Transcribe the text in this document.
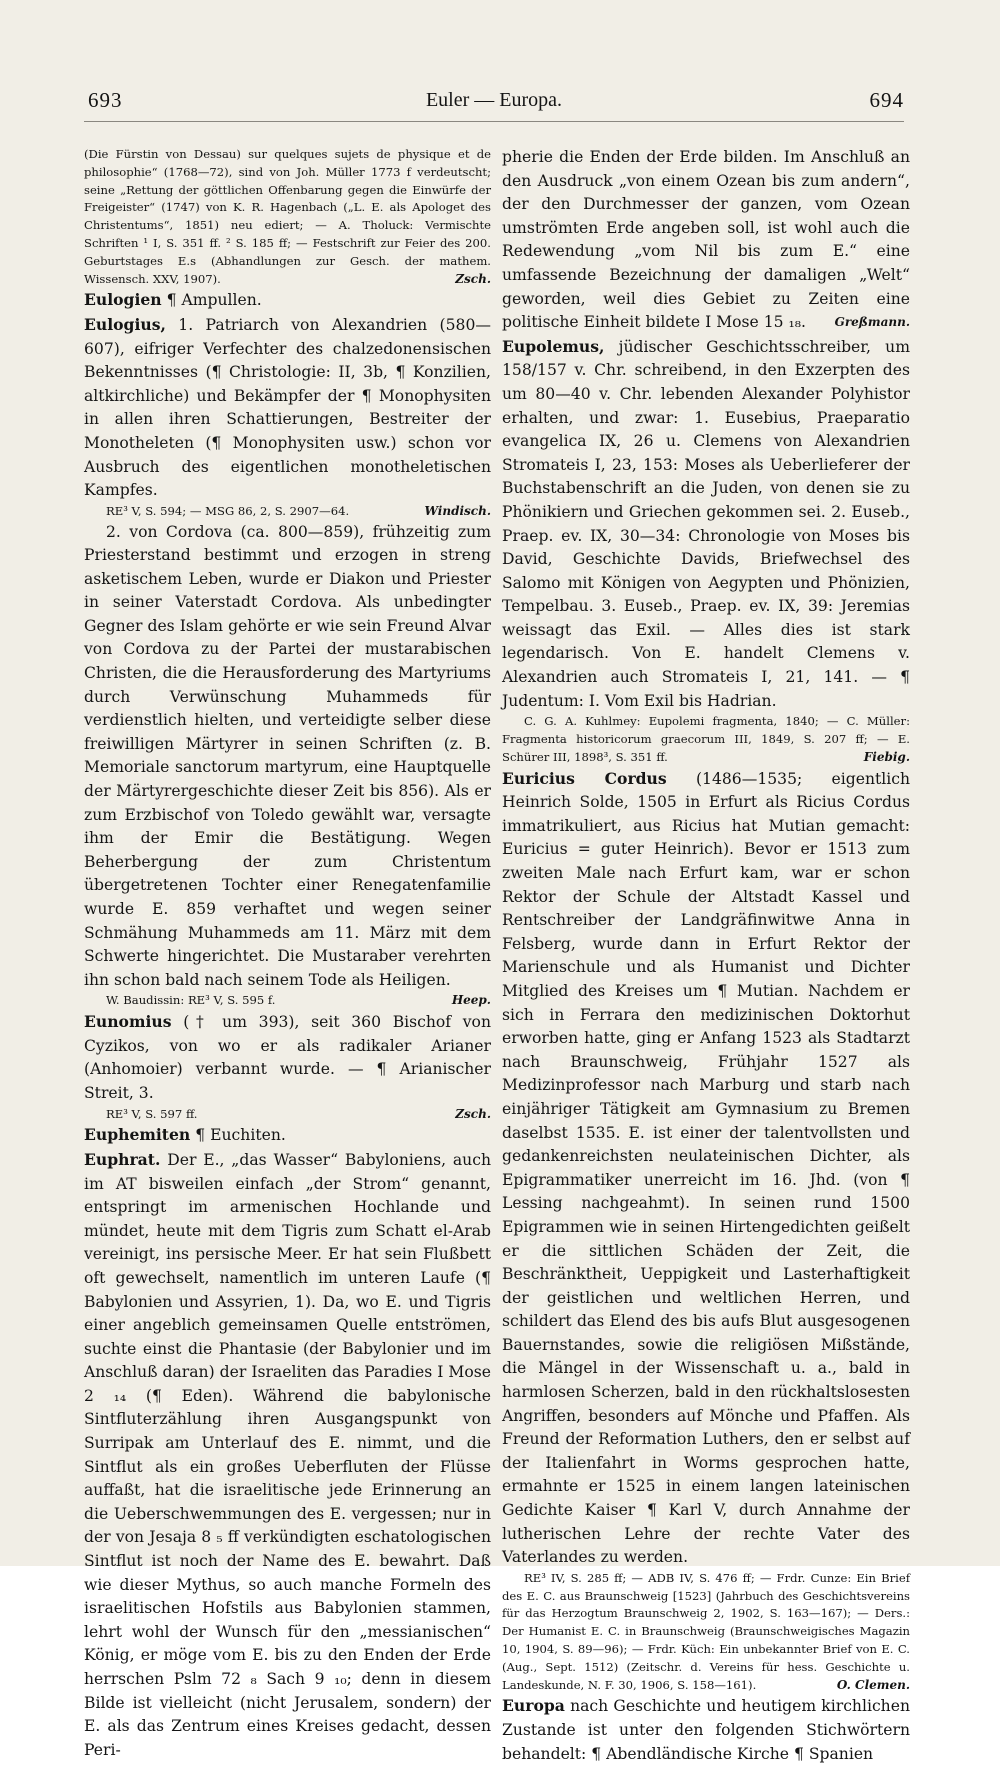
693	Euler — Europa.	694

(Die Fürstin von Dessau) sur quelques sujets de physique et de philosophie“ (1768—72), sind von Joh. Müller 1773 f verdeutscht; seine „Rettung der göttlichen Offenbarung gegen die Einwürfe der Freigeister“ (1747) von K. R. Hagenbach („L. E. als Apologet des Christentums“, 1851) neu ediert; — A. Tholuck: Vermischte Schriften ¹ I, S. 351 ff. ² S. 185 ff; — Festschrift zur Feier des 200. Geburtstages E.s (Abhandlungen zur Gesch. der mathem. Wissensch. XXV, 1907).	Zsch.

Eulogien ¶ Ampullen.

Eulogius, 1. Patriarch von Alexandrien (580—607), eifriger Verfechter des chalzedonensischen Bekenntnisses (¶ Christologie: II, 3b, ¶ Konzilien, altkirchliche) und Bekämpfer der ¶ Monophysiten in allen ihren Schattierungen, Bestreiter der Monotheleten (¶ Monophysiten usw.) schon vor Ausbruch des eigentlichen monotheletischen Kampfes.

RE³ V, S. 594; — MSG 86, 2, S. 2907—64.	Windisch.

2. von Cordova (ca. 800—859), frühzeitig zum Priesterstand bestimmt und erzogen in streng asketischem Leben, wurde er Diakon und Priester in seiner Vaterstadt Cordova. Als unbedingter Gegner des Islam gehörte er wie sein Freund Alvar von Cordova zu der Partei der mustarabischen Christen, die die Herausforderung des Martyriums durch Verwünschung Muhammeds für verdienstlich hielten, und verteidigte selber diese freiwilligen Märtyrer in seinen Schriften (z. B. Memoriale sanctorum martyrum, eine Hauptquelle der Märtyrergeschichte dieser Zeit bis 856). Als er zum Erzbischof von Toledo gewählt war, versagte ihm der Emir die Bestätigung. Wegen Beherbergung der zum Christentum übergetretenen Tochter einer Renegatenfamilie wurde E. 859 verhaftet und wegen seiner Schmähung Muhammeds am 11. März mit dem Schwerte hingerichtet. Die Mustaraber verehrten ihn schon bald nach seinem Tode als Heiligen.

W. Baudissin: RE³ V, S. 595 f.	Heep.

Eunomius († um 393), seit 360 Bischof von Cyzikos, von wo er als radikaler Arianer (Anhomoier) verbannt wurde. — ¶ Arianischer Streit, 3.

RE³ V, S. 597 ff.	Zsch.

Euphemiten ¶ Euchiten.

Euphrat. Der E., „das Wasser“ Babyloniens, auch im AT bisweilen einfach „der Strom“ genannt, entspringt im armenischen Hochlande und mündet, heute mit dem Tigris zum Schatt el-Arab vereinigt, ins persische Meer. Er hat sein Flußbett oft gewechselt, namentlich im unteren Laufe (¶ Babylonien und Assyrien, 1). Da, wo E. und Tigris einer angeblich gemeinsamen Quelle entströmen, suchte einst die Phantasie (der Babylonier und im Anschluß daran) der Israeliten das Paradies I Mose 2 ₁₄ (¶ Eden). Während die babylonische Sintfluterzählung ihren Ausgangspunkt von Surripak am Unterlauf des E. nimmt, und die Sintflut als ein großes Ueberfluten der Flüsse auffaßt, hat die israelitische jede Erinnerung an die Ueberschwemmungen des E. vergessen; nur in der von Jesaja 8 ₅ ff verkündigten eschatologischen Sintflut ist noch der Name des E. bewahrt. Daß wie dieser Mythus, so auch manche Formeln des israelitischen Hofstils aus Babylonien stammen, lehrt wohl der Wunsch für den „messianischen“ König, er möge vom E. bis zu den Enden der Erde herrschen Pslm 72 ₈ Sach 9 ₁₀; denn in diesem Bilde ist vielleicht (nicht Jerusalem, sondern) der E. als das Zentrum eines Kreises gedacht, dessen Peri-

pherie die Enden der Erde bilden. Im Anschluß an den Ausdruck „von einem Ozean bis zum andern“, der den Durchmesser der ganzen, vom Ozean umströmten Erde angeben soll, ist wohl auch die Redewendung „vom Nil bis zum E.“ eine umfassende Bezeichnung der damaligen „Welt“ geworden, weil dies Gebiet zu Zeiten eine politische Einheit bildete I Mose 15 ₁₈. Greßmann.

Eupolemus, jüdischer Geschichtsschreiber, um 158/157 v. Chr. schreibend, in den Exzerpten des um 80—40 v. Chr. lebenden Alexander Polyhistor erhalten, und zwar: 1. Eusebius, Praeparatio evangelica IX, 26 u. Clemens von Alexandrien Stromateis I, 23, 153: Moses als Ueberlieferer der Buchstabenschrift an die Juden, von denen sie zu Phönikiern und Griechen gekommen sei. 2. Euseb., Praep. ev. IX, 30—34: Chronologie von Moses bis David, Geschichte Davids, Briefwechsel des Salomo mit Königen von Aegypten und Phönizien, Tempelbau. 3. Euseb., Praep. ev. IX, 39: Jeremias weissagt das Exil. — Alles dies ist stark legendarisch. Von E. handelt Clemens v. Alexandrien auch Stromateis I, 21, 141. — ¶ Judentum: I. Vom Exil bis Hadrian.

C. G. A. Kuhlmey: Eupolemi fragmenta, 1840; — C. Müller: Fragmenta historicorum graecorum III, 1849, S. 207 ff; — E. Schürer III, 1898³, S. 351 ff.	Fiebig.

Euricius Cordus (1486—1535; eigentlich Heinrich Solde, 1505 in Erfurt als Ricius Cordus immatrikuliert, aus Ricius hat Mutian gemacht: Euricius = guter Heinrich). Bevor er 1513 zum zweiten Male nach Erfurt kam, war er schon Rektor der Schule der Altstadt Kassel und Rentschreiber der Landgräfinwitwe Anna in Felsberg, wurde dann in Erfurt Rektor der Marienschule und als Humanist und Dichter Mitglied des Kreises um ¶ Mutian. Nachdem er sich in Ferrara den medizinischen Doktorhut erworben hatte, ging er Anfang 1523 als Stadtarzt nach Braunschweig, Frühjahr 1527 als Medizinprofessor nach Marburg und starb nach einjähriger Tätigkeit am Gymnasium zu Bremen daselbst 1535. E. ist einer der talentvollsten und gedankenreichsten neulateinischen Dichter, als Epigrammatiker unerreicht im 16. Jhd. (von ¶ Lessing nachgeahmt). In seinen rund 1500 Epigrammen wie in seinen Hirtengedichten geißelt er die sittlichen Schäden der Zeit, die Beschränktheit, Ueppigkeit und Lasterhaftigkeit der geistlichen und weltlichen Herren, und schildert das Elend des bis aufs Blut ausgesogenen Bauernstandes, sowie die religiösen Mißstände, die Mängel in der Wissenschaft u. a., bald in harmlosen Scherzen, bald in den rückhaltslosesten Angriffen, besonders auf Mönche und Pfaffen. Als Freund der Reformation Luthers, den er selbst auf der Italienfahrt in Worms gesprochen hatte, ermahnte er 1525 in einem langen lateinischen Gedichte Kaiser ¶ Karl V, durch Annahme der lutherischen Lehre der rechte Vater des Vaterlandes zu werden.

RE³ IV, S. 285 ff; — ADB IV, S. 476 ff; — Frdr. Cunze: Ein Brief des E. C. aus Braunschweig [1523] (Jahrbuch des Geschichtsvereins für das Herzogtum Braunschweig 2, 1902, S. 163—167); — Ders.: Der Humanist E. C. in Braunschweig (Braunschweigisches Magazin 10, 1904, S. 89—96); — Frdr. Küch: Ein unbekannter Brief von E. C. (Aug., Sept. 1512) (Zeitschr. d. Vereins für hess. Geschichte u. Landeskunde, N. F. 30, 1906, S. 158—161).	O. Clemen.

Europa nach Geschichte und heutigem kirchlichen Zustande ist unter den folgenden Stichwörtern behandelt: ¶ Abendländische Kirche ¶ Spanien
